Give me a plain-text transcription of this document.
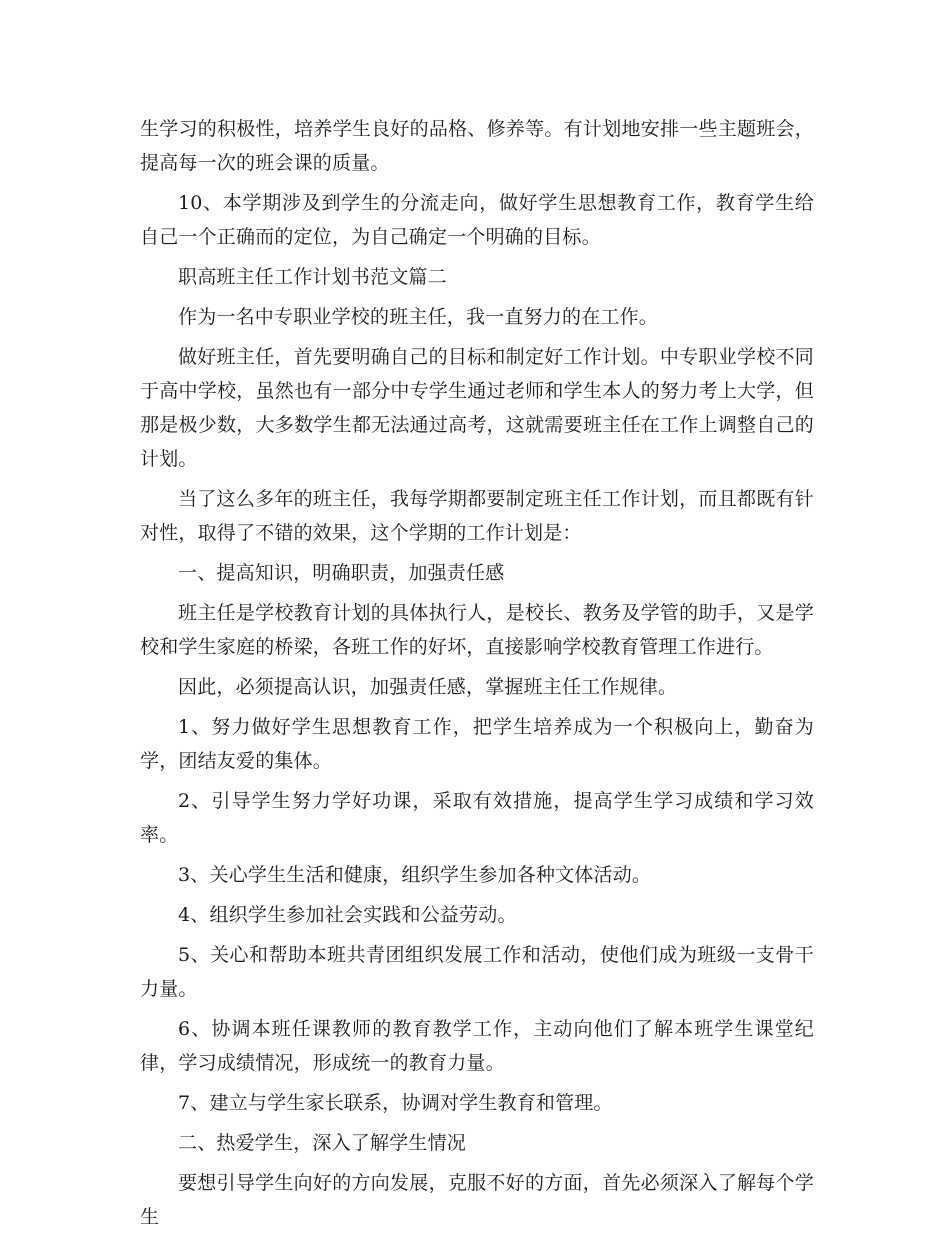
生学习的积极性，培养学生良好的品格、修养等。有计划地安排一些主题班会，提高每一次的班会课的质量。

10、本学期涉及到学生的分流走向，做好学生思想教育工作，教育学生给自己一个正确而的定位，为自己确定一个明确的目标。

职高班主任工作计划书范文篇二

作为一名中专职业学校的班主任，我一直努力的在工作。

做好班主任，首先要明确自己的目标和制定好工作计划。中专职业学校不同于高中学校，虽然也有一部分中专学生通过老师和学生本人的努力考上大学，但那是极少数，大多数学生都无法通过高考，这就需要班主任在工作上调整自己的计划。

当了这么多年的班主任，我每学期都要制定班主任工作计划，而且都既有针对性，取得了不错的效果，这个学期的工作计划是：

一、提高知识，明确职责，加强责任感

班主任是学校教育计划的具体执行人，是校长、教务及学管的助手，又是学校和学生家庭的桥梁，各班工作的好坏，直接影响学校教育管理工作进行。

因此，必须提高认识，加强责任感，掌握班主任工作规律。

1、努力做好学生思想教育工作，把学生培养成为一个积极向上，勤奋为学，团结友爱的集体。

2、引导学生努力学好功课，采取有效措施，提高学生学习成绩和学习效率。

3、关心学生生活和健康，组织学生参加各种文体活动。

4、组织学生参加社会实践和公益劳动。

5、关心和帮助本班共青团组织发展工作和活动，使他们成为班级一支骨干力量。

6、协调本班任课教师的教育教学工作，主动向他们了解本班学生课堂纪律，学习成绩情况，形成统一的教育力量。

7、建立与学生家长联系，协调对学生教育和管理。

二、热爱学生，深入了解学生情况

要想引导学生向好的方向发展，克服不好的方面，首先必须深入了解每个学生
